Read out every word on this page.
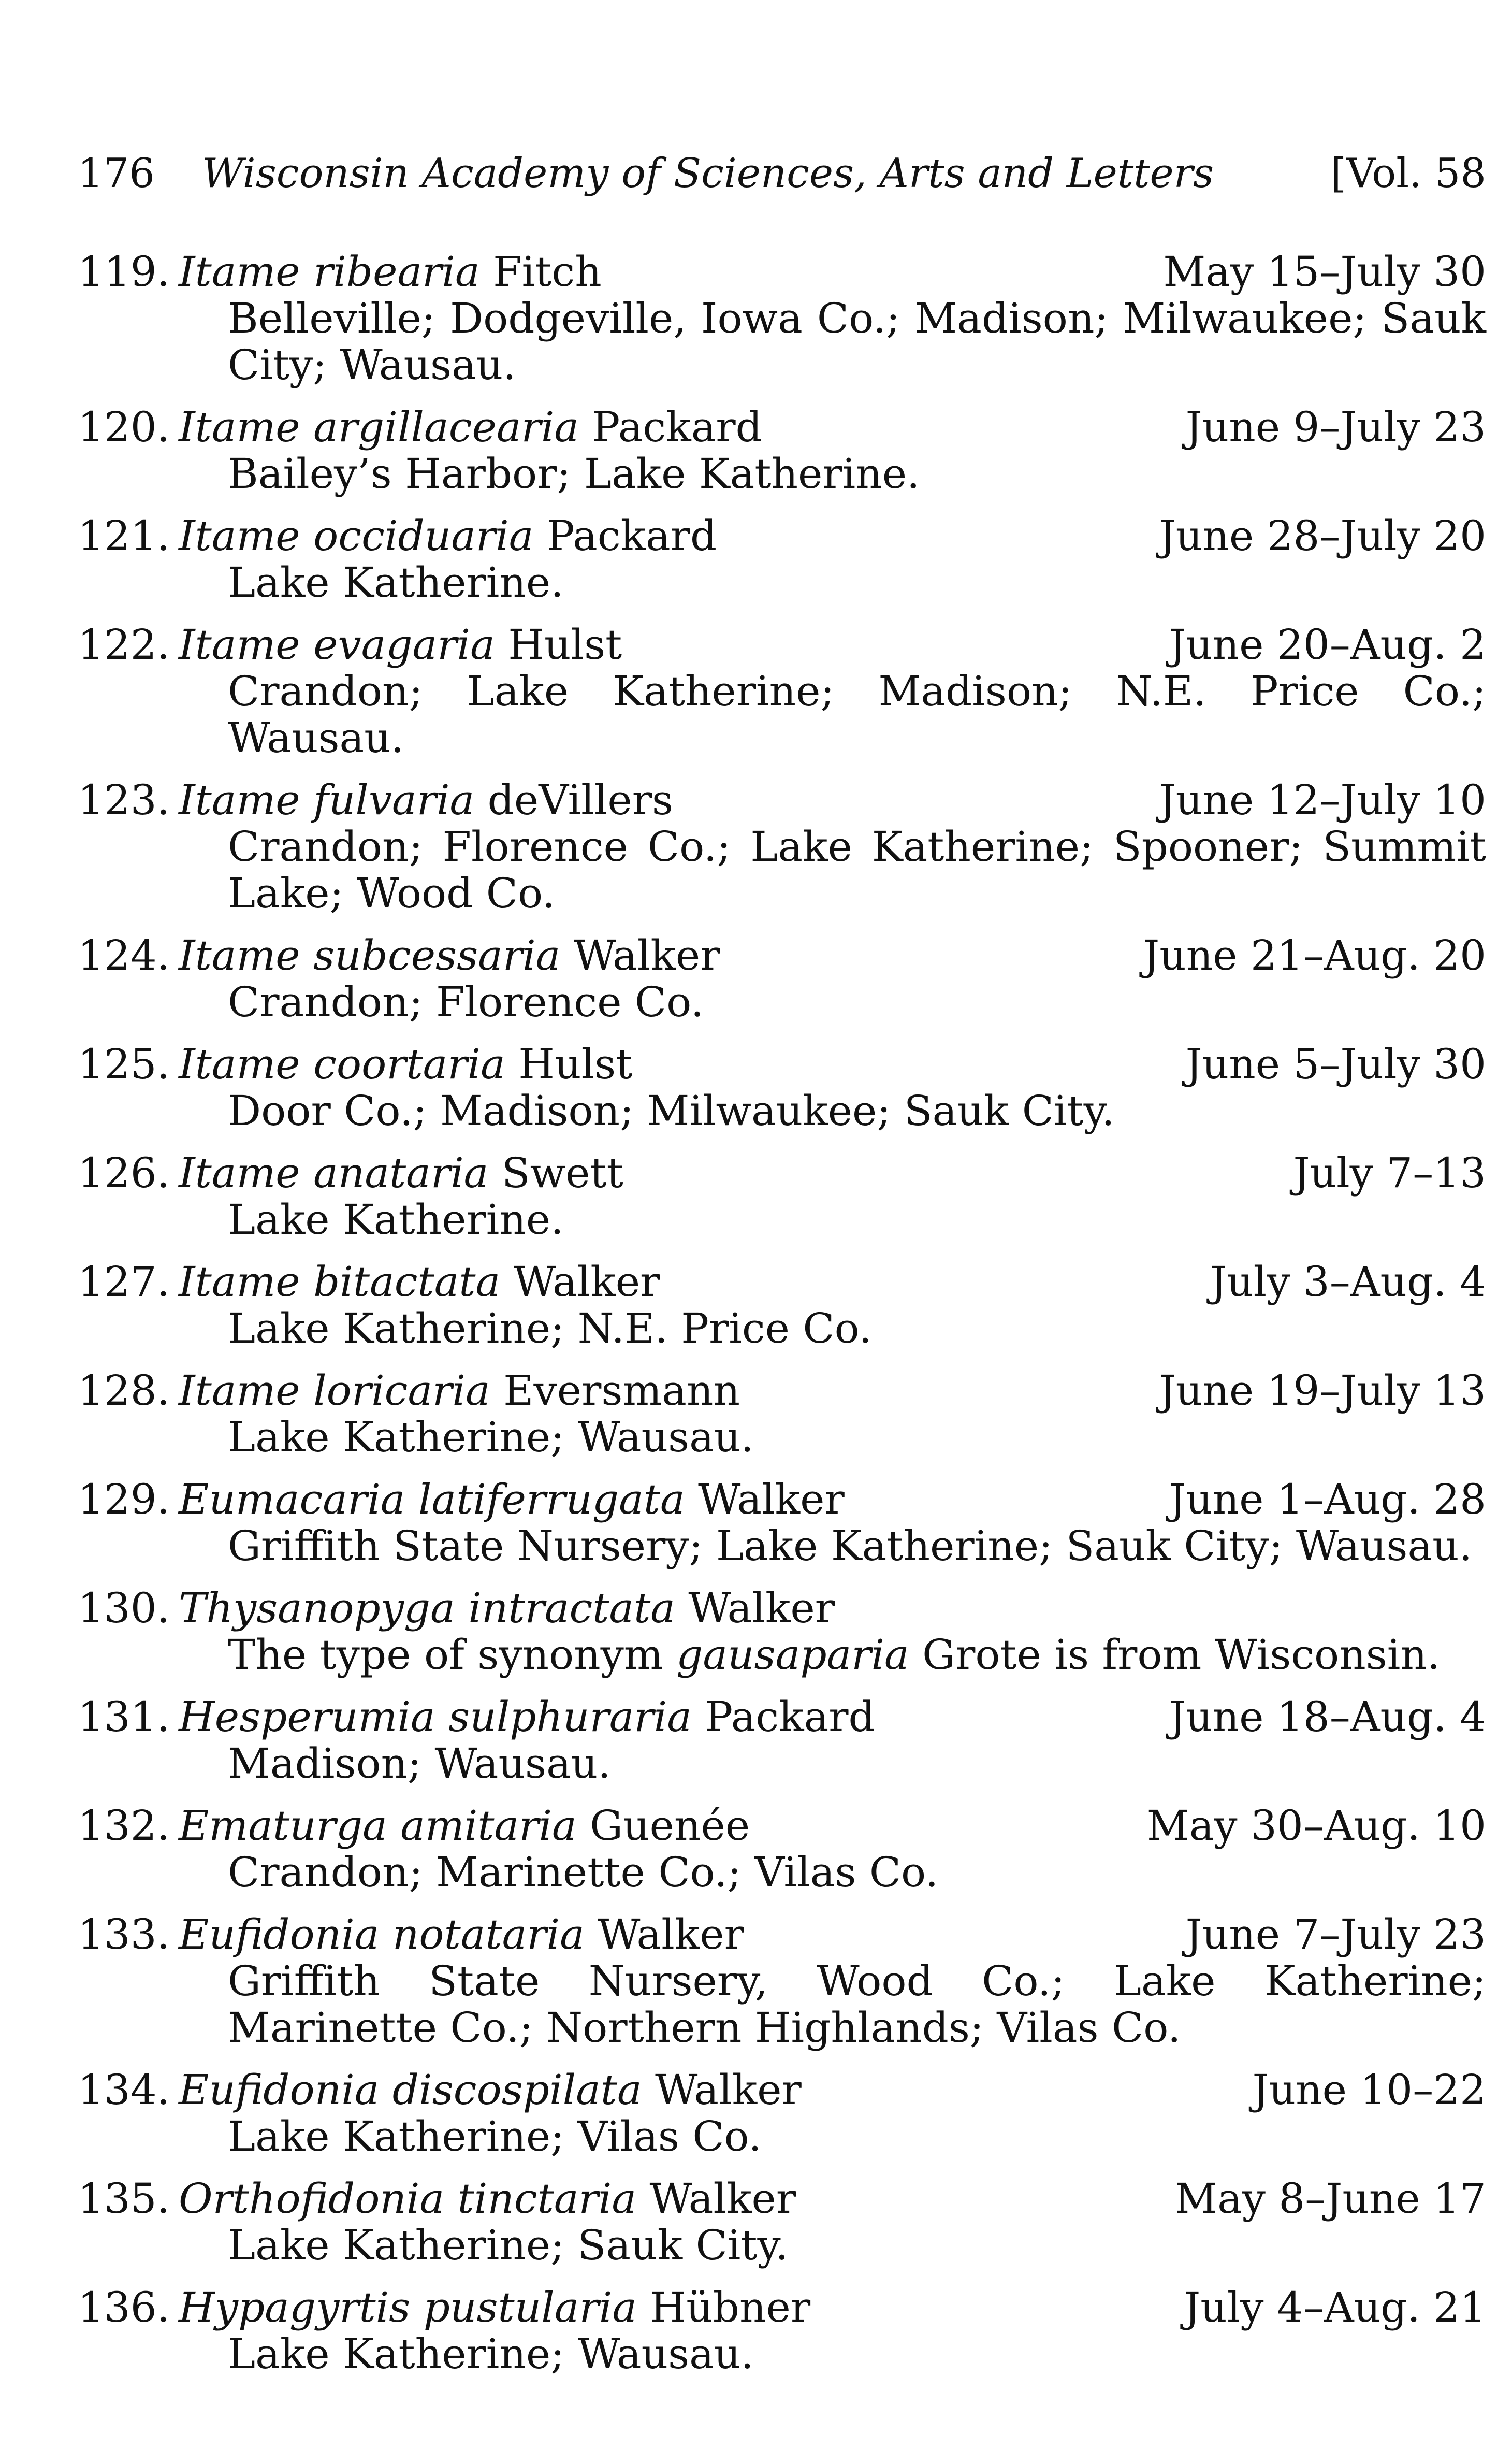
176	Wisconsin Academy of Sciences, Arts and Letters	[Vol. 58
119. Itame ribearia Fitch	May 15–July 30
Belleville; Dodgeville, Iowa Co.; Madison; Milwaukee; Sauk City; Wausau.
120. Itame argillacearia Packard	June 9–July 23
Bailey’s Harbor; Lake Katherine.
121. Itame occiduaria Packard	June 28–July 20
Lake Katherine.
122. Itame evagaria Hulst	June 20–Aug. 2
Crandon; Lake Katherine; Madison; N.E. Price Co.; Wausau.
123. Itame fulvaria deVillers	June 12–July 10
Crandon; Florence Co.; Lake Katherine; Spooner; Summit Lake; Wood Co.
124. Itame subcessaria Walker	June 21–Aug. 20
Crandon; Florence Co.
125. Itame coortaria Hulst	June 5–July 30
Door Co.; Madison; Milwaukee; Sauk City.
126. Itame anataria Swett	July 7–13
Lake Katherine.
127. Itame bitactata Walker	July 3–Aug. 4
Lake Katherine; N.E. Price Co.
128. Itame loricaria Eversmann	June 19–July 13
Lake Katherine; Wausau.
129. Eumacaria latiferrugata Walker	June 1–Aug. 28
Griffith State Nursery; Lake Katherine; Sauk City; Wausau.
130. Thysanopyga intractata Walker
The type of synonym gausaparia Grote is from Wisconsin.
131. Hesperumia sulphuraria Packard	June 18–Aug. 4
Madison; Wausau.
132. Ematurga amitaria Guenée	May 30–Aug. 10
Crandon; Marinette Co.; Vilas Co.
133. Eufidonia notataria Walker	June 7–July 23
Griffith State Nursery, Wood Co.; Lake Katherine; Marinette Co.; Northern Highlands; Vilas Co.
134. Eufidonia discospilata Walker	June 10–22
Lake Katherine; Vilas Co.
135. Orthofidonia tinctaria Walker	May 8–June 17
Lake Katherine; Sauk City.
136. Hypagyrtis pustularia Hübner	July 4–Aug. 21
Lake Katherine; Wausau.
